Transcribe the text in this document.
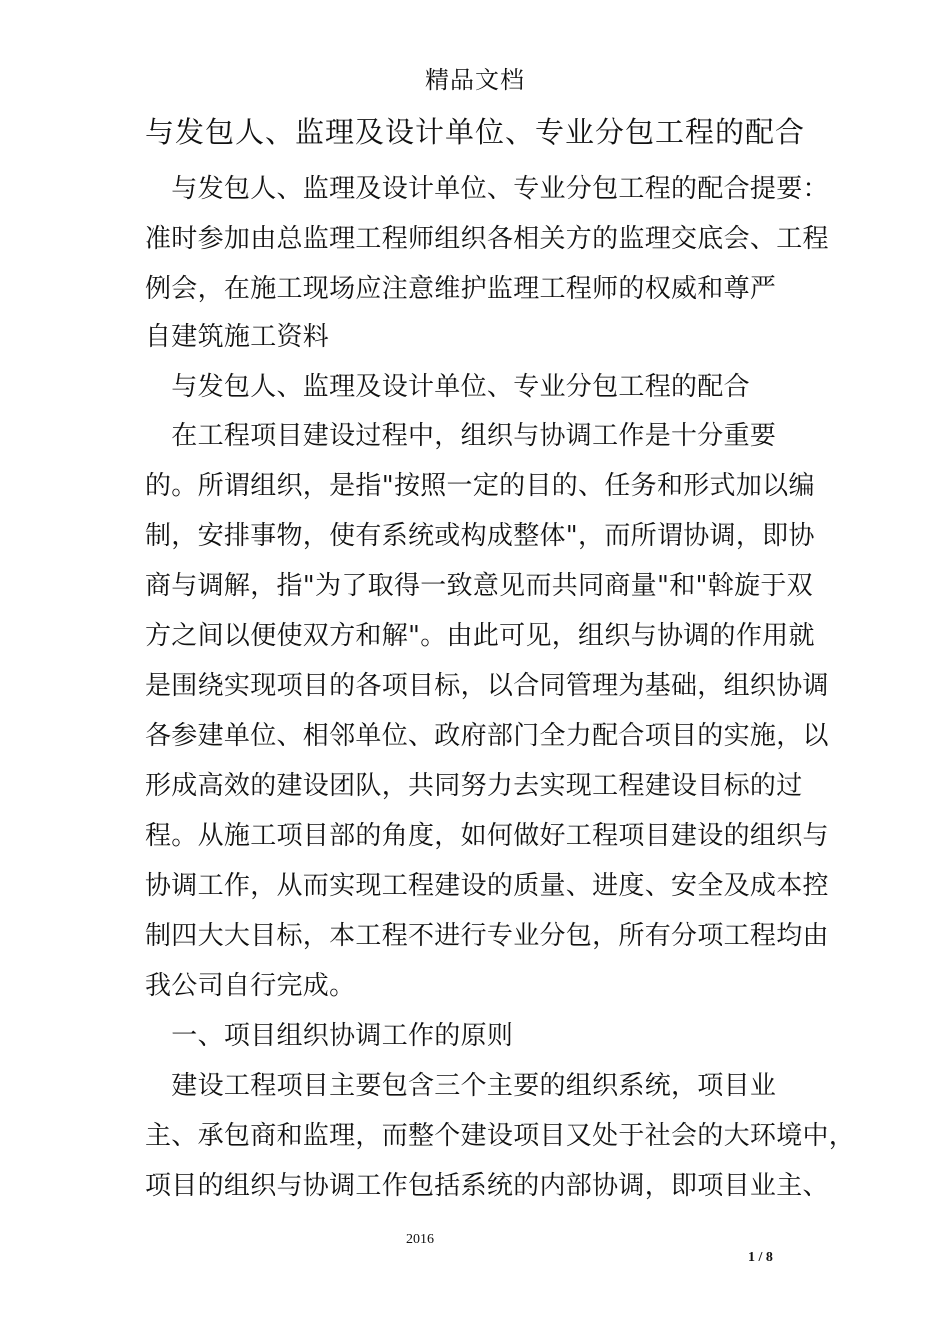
精品文档
与发包人、监理及设计单位、专业分包工程的配合
　与发包人、监理及设计单位、专业分包工程的配合提要：
准时参加由总监理工程师组织各相关方的监理交底会、工程
例会，在施工现场应注意维护监理工程师的权威和尊严
自建筑施工资料
　与发包人、监理及设计单位、专业分包工程的配合
　在工程项目建设过程中，组织与协调工作是十分重要
的。所谓组织，是指"按照一定的目的、任务和形式加以编
制，安排事物，使有系统或构成整体"，而所谓协调，即协
商与调解，指"为了取得一致意见而共同商量"和"斡旋于双
方之间以便使双方和解"。由此可见，组织与协调的作用就
是围绕实现项目的各项目标，以合同管理为基础，组织协调
各参建单位、相邻单位、政府部门全力配合项目的实施，以
形成高效的建设团队，共同努力去实现工程建设目标的过
程。从施工项目部的角度，如何做好工程项目建设的组织与
协调工作，从而实现工程建设的质量、进度、安全及成本控
制四大大目标，本工程不进行专业分包，所有分项工程均由
我公司自行完成。
　一、项目组织协调工作的原则
　建设工程项目主要包含三个主要的组织系统，项目业
主、承包商和监理，而整个建设项目又处于社会的大环境中，
项目的组织与协调工作包括系统的内部协调，即项目业主、
2016
1 / 8
